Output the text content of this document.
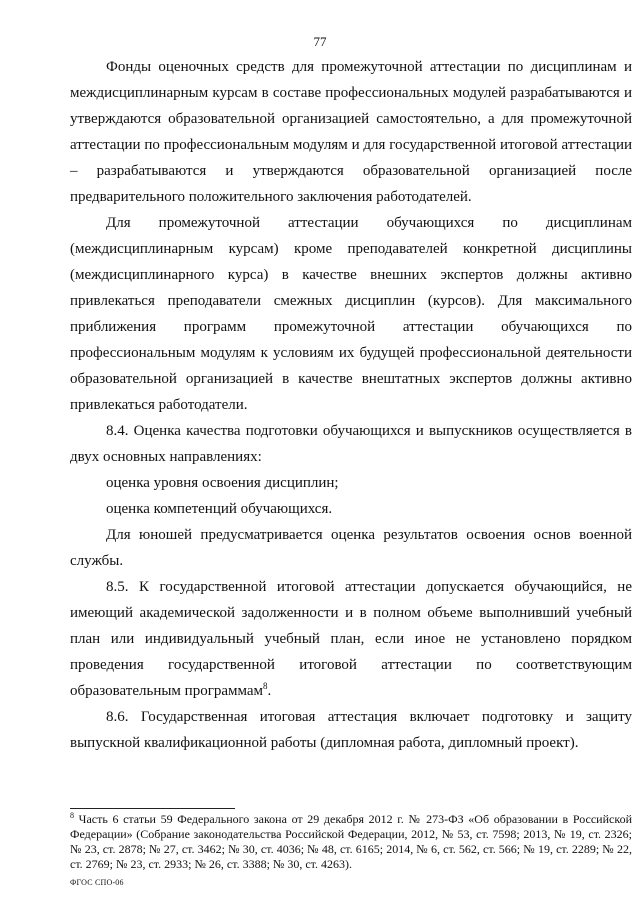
77

Фонды оценочных средств для промежуточной аттестации по дисциплинам и междисциплинарным курсам в составе профессиональных модулей разрабатываются и утверждаются образовательной организацией самостоятельно, а для промежуточной аттестации по профессиональным модулям и для государственной итоговой аттестации – разрабатываются и утверждаются образовательной организацией после предварительного положительного заключения работодателей.

Для промежуточной аттестации обучающихся по дисциплинам (междисциплинарным курсам) кроме преподавателей конкретной дисциплины (междисциплинарного курса) в качестве внешних экспертов должны активно привлекаться преподаватели смежных дисциплин (курсов). Для максимального приближения программ промежуточной аттестации обучающихся по профессиональным модулям к условиям их будущей профессиональной деятельности образовательной организацией в качестве внештатных экспертов должны активно привлекаться работодатели.

8.4. Оценка качества подготовки обучающихся и выпускников осуществляется в двух основных направлениях:

оценка уровня освоения дисциплин;

оценка компетенций обучающихся.

Для юношей предусматривается оценка результатов освоения основ военной службы.

8.5. К государственной итоговой аттестации допускается обучающийся, не имеющий академической задолженности и в полном объеме выполнивший учебный план или индивидуальный учебный план, если иное не установлено порядком проведения государственной итоговой аттестации по соответствующим образовательным программам$^8$.

8.6. Государственная итоговая аттестация включает подготовку и защиту выпускной квалификационной работы (дипломная работа, дипломный проект).

$^8$ Часть 6 статьи 59 Федерального закона от 29 декабря 2012 г. № 273-ФЗ «Об образовании в Российской Федерации» (Собрание законодательства Российской Федерации, 2012, № 53, ст. 7598; 2013, № 19, ст. 2326; № 23, ст. 2878; № 27, ст. 3462; № 30, ст. 4036; № 48, ст. 6165; 2014, № 6, ст. 562, ст. 566; № 19, ст. 2289; № 22, ст. 2769; № 23, ст. 2933; № 26, ст. 3388; № 30, ст. 4263).
ФГОС СПО-06
